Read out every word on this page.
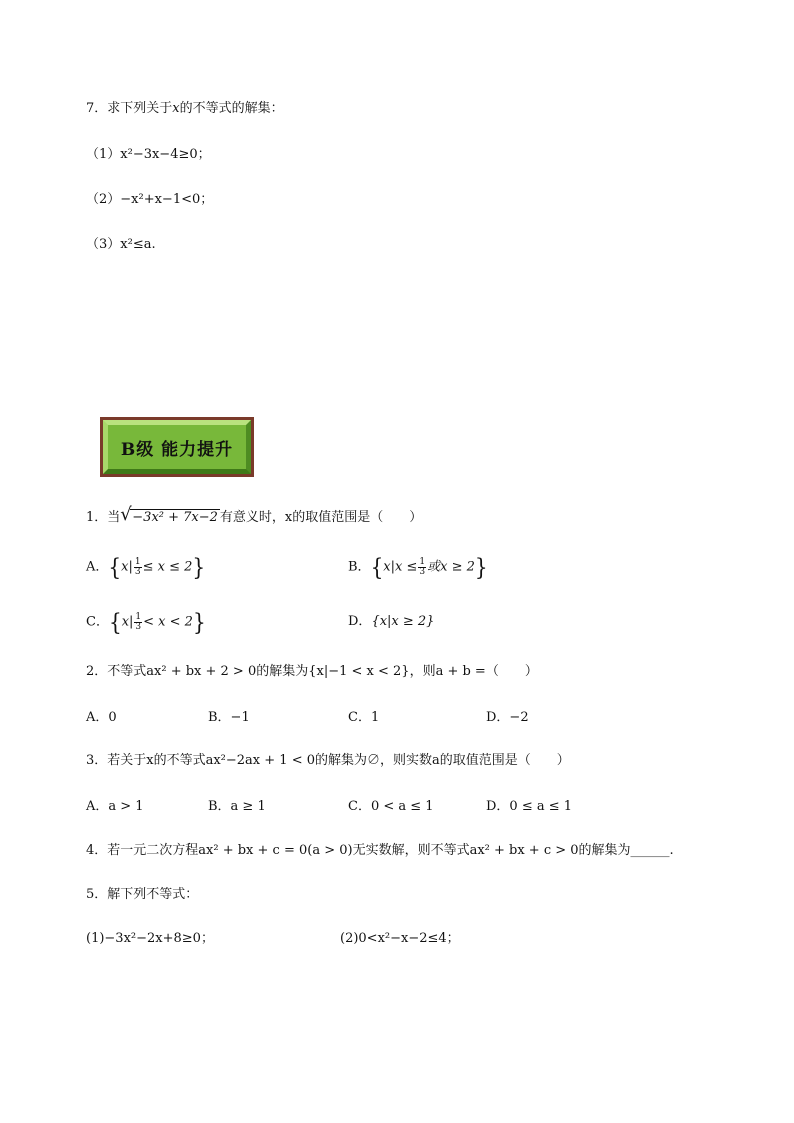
7．求下列关于x的不等式的解集：
（1）x²−3x−4≥0；
（2）−x²+x−1<0；
（3）x²≤a.
B级 能力提升
1．当 √ −3x² + 7x−2 有意义时，x的取值范围是（　　）
A．$\{x| \frac{1}{3} \le x \le 2\}$	B．{$x|x \le \frac{1}{3}$ 或x ≥ 2}
C．$\{x| \frac{1}{3} < x < 2\}$	D．{x|x ≥ 2}
2．不等式ax² + bx + 2 > 0的解集为{x|−1 < x < 2}，则a + b =（　　）
A．0	B．−1	C．1	D．−2
3．若关于x的不等式ax²−2ax + 1 < 0的解集为∅，则实数a的取值范围是（　　）
A．a > 1	B．a ≥ 1	C．0 < a ≤ 1	D．0 ≤ a ≤ 1
4．若一元二次方程ax² + bx + c = 0(a > 0)无实数解，则不等式ax² + bx + c > 0的解集为______.
5．解下列不等式：
(1)−3x²−2x+8≥0；	(2)0<x²−x−2≤4；
